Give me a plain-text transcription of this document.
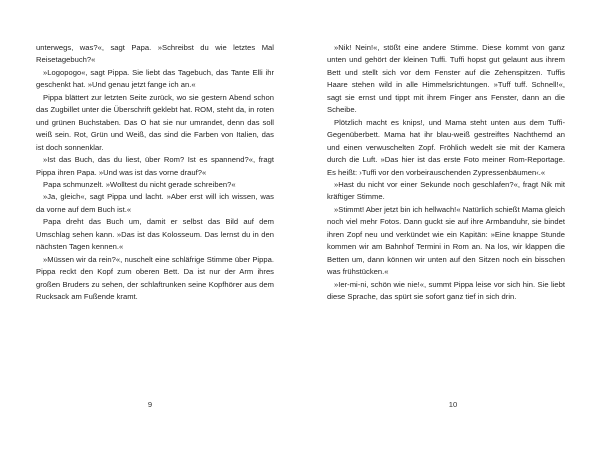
unterwegs, was?«, sagt Papa. »Schreibst du wie letztes Mal Reisetagebuch?«

»Logopogo«, sagt Pippa. Sie liebt das Tagebuch, das Tante Elli ihr geschenkt hat. »Und genau jetzt fange ich an.«

Pippa blättert zur letzten Seite zurück, wo sie gestern Abend schon das Zugbillet unter die Überschrift geklebt hat. ROM, steht da, in roten und grünen Buchstaben. Das O hat sie nur umrandet, denn das soll weiß sein. Rot, Grün und Weiß, das sind die Farben von Italien, das ist doch sonnenklar.

»Ist das Buch, das du liest, über Rom? Ist es spannend?«, fragt Pippa ihren Papa. »Und was ist das vorne drauf?«

Papa schmunzelt. »Wolltest du nicht gerade schreiben?«

»Ja, gleich«, sagt Pippa und lacht. »Aber erst will ich wissen, was da vorne auf dem Buch ist.«

Papa dreht das Buch um, damit er selbst das Bild auf dem Umschlag sehen kann. »Das ist das Kolosseum. Das lernst du in den nächsten Tagen kennen.«

»Müssen wir da rein?«, nuschelt eine schläfrige Stimme über Pippa. Pippa reckt den Kopf zum oberen Bett. Da ist nur der Arm ihres großen Bruders zu sehen, der schlaftrunken seine Kopfhörer aus dem Rucksack am Fußende kramt.

9

»Nik! Nein!«, stößt eine andere Stimme. Diese kommt von ganz unten und gehört der kleinen Tuffi. Tuffi hopst gut gelaunt aus ihrem Bett und stellt sich vor dem Fenster auf die Zehenspitzen. Tuffis Haare stehen wild in alle Himmelsrichtungen. »Tuff tuff. Schnell!«, sagt sie ernst und tippt mit ihrem Finger ans Fenster, dann an die Scheibe.

Plötzlich macht es knips!, und Mama steht unten aus dem Tuffi-Gegenüberbett. Mama hat ihr blau-weiß gestreiftes Nachthemd an und einen verwuschelten Zopf. Fröhlich wedelt sie mit der Kamera durch die Luft. »Das hier ist das erste Foto meiner Rom-Reportage. Es heißt: ›Tuffi vor den vorbeirauschenden Zypressenbäumen‹.«

»Hast du nicht vor einer Sekunde noch geschlafen?«, fragt Nik mit kräftiger Stimme.

»Stimmt! Aber jetzt bin ich hellwach!« Natürlich schießt Mama gleich noch viel mehr Fotos. Dann guckt sie auf ihre Armbanduhr, sie bindet ihren Zopf neu und verkündet wie ein Kapitän: »Eine knappe Stunde kommen wir am Bahnhof Termini in Rom an. Na los, wir klappen die Betten um, dann können wir unten auf den Sitzen noch ein bisschen was frühstücken.«

»Ier-mi-ni, schön wie nie!«, summt Pippa leise vor sich hin. Sie liebt diese Sprache, das spürt sie sofort ganz tief in sich drin.

10
